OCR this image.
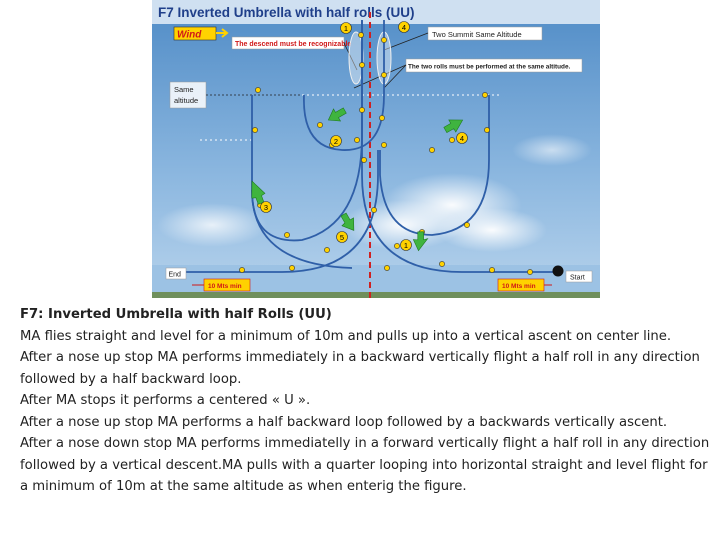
F7 Inverted Umbrella with half rolls (UU)
Wind
The descend must be recognizable
Two Summit Same Altitude
The two rolls must be performed at the same altitude.
Same
altitude
1	4
2
3
4
5
1
End	Start
10 Mts min	10 Mts min

F7: Inverted Umbrella with half Rolls (UU)

MA flies straight and level for a minimum of 10m and pulls up into a vertical ascent on center line.

After a nose up stop MA performs immediately in a backward vertically flight a half roll in any direction

followed by a half backward loop.

After MA stops it performs a centered « U ».

After a nose up stop MA performs a half backward loop followed by a backwards vertically ascent.

After a nose down stop MA performs immediatelly in a forward vertically flight a half roll in any direction

followed by a vertical descent.MA pulls with a quarter looping into horizontal straight and level flight for

a minimum of 10m at the same altitude as when enterig the figure.
